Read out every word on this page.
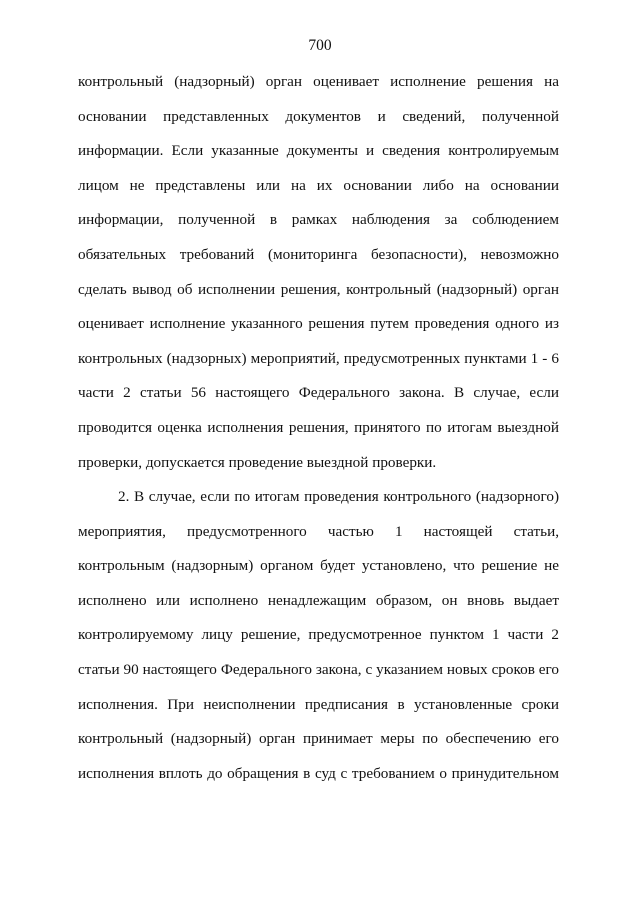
700
контрольный (надзорный) орган оценивает исполнение решения на
основании представленных документов и сведений, полученной
информации. Если указанные документы и сведения контролируемым
лицом не представлены или на их основании либо на основании
информации, полученной в рамках наблюдения за соблюдением
обязательных требований (мониторинга безопасности), невозможно
сделать вывод об исполнении решения, контрольный (надзорный) орган
оценивает исполнение указанного решения путем проведения одного из
контрольных (надзорных) мероприятий, предусмотренных пунктами 1 - 6
части 2 статьи 56 настоящего Федерального закона. В случае, если
проводится оценка исполнения решения, принятого по итогам выездной
проверки, допускается проведение выездной проверки.
2. В случае, если по итогам проведения контрольного (надзорного)
мероприятия, предусмотренного частью 1 настоящей статьи,
контрольным (надзорным) органом будет установлено, что решение не
исполнено или исполнено ненадлежащим образом, он вновь выдает
контролируемому лицу решение, предусмотренное пунктом 1 части 2
статьи 90 настоящего Федерального закона, с указанием новых сроков его
исполнения. При неисполнении предписания в установленные сроки
контрольный (надзорный) орган принимает меры по обеспечению его
исполнения вплоть до обращения в суд с требованием о принудительном
